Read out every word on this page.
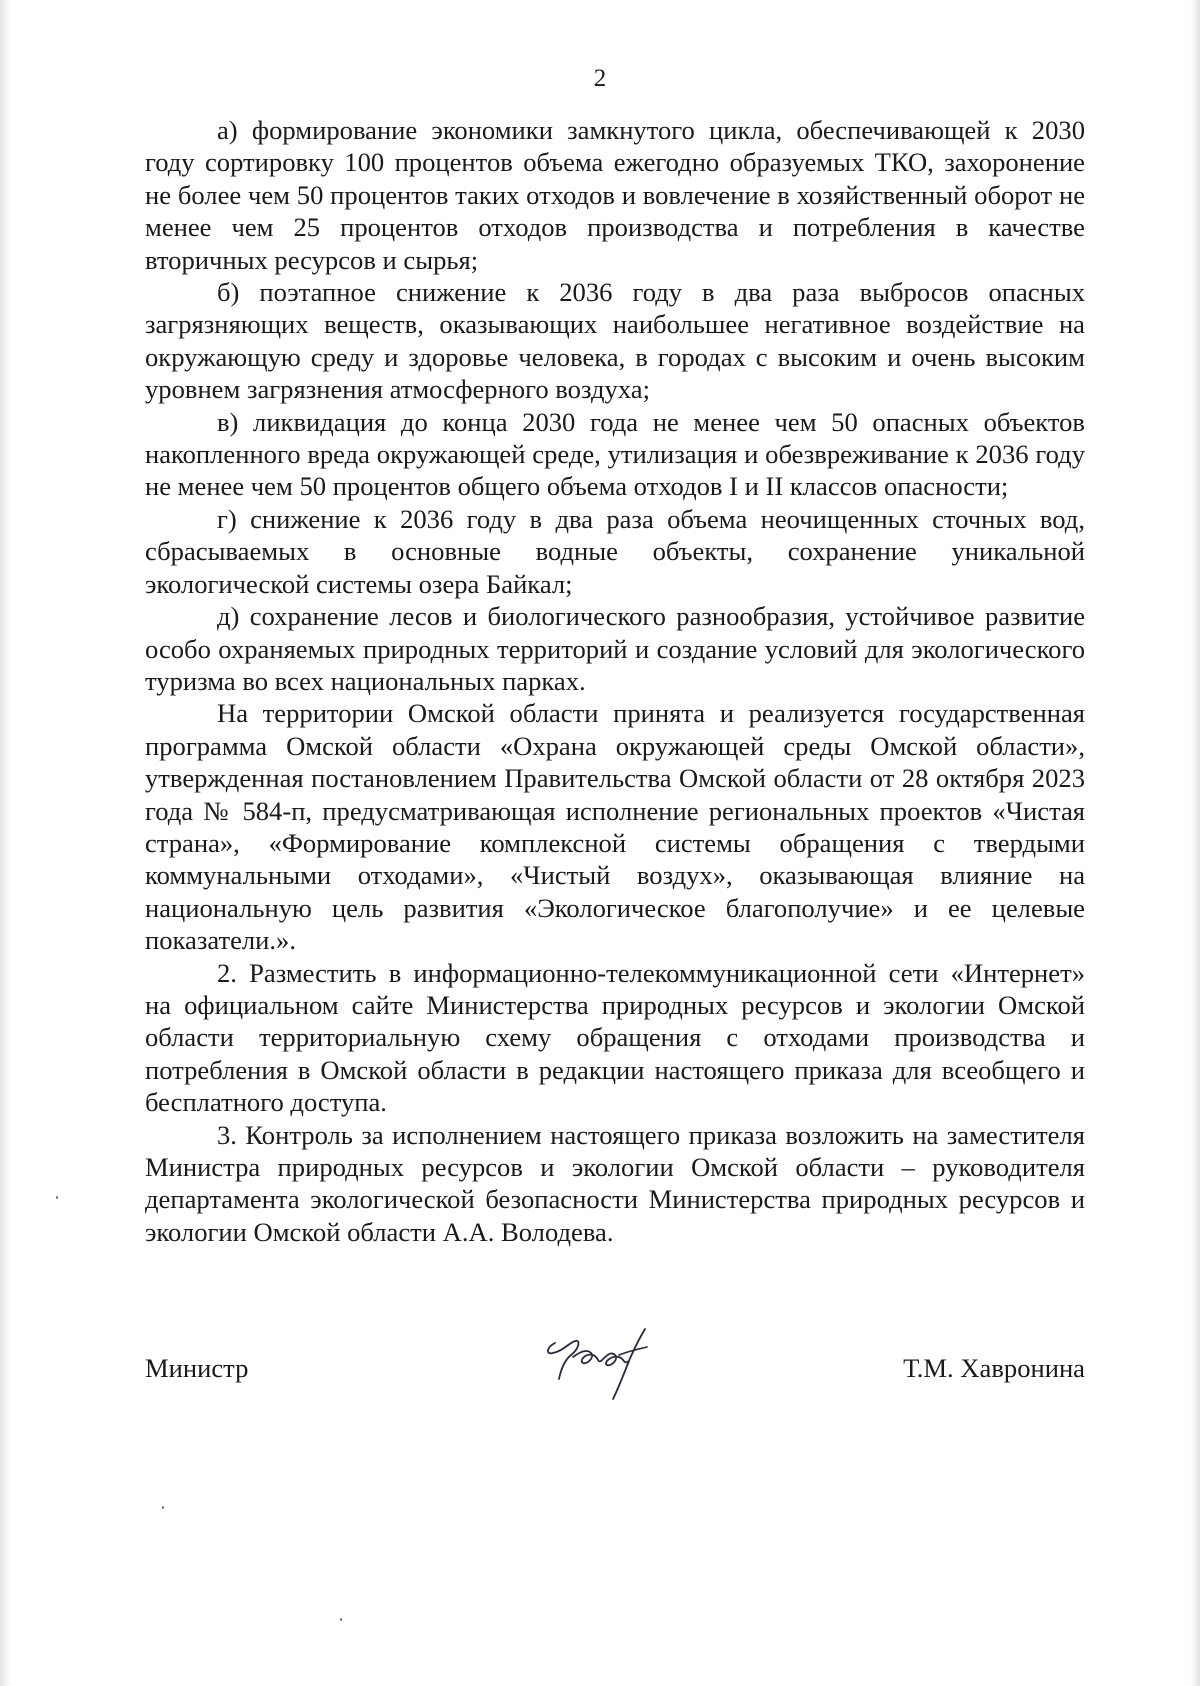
2

а) формирование экономики замкнутого цикла, обеспечивающей к 2030 году сортировку 100 процентов объема ежегодно образуемых ТКО, захоронение не более чем 50 процентов таких отходов и вовлечение в хозяйственный оборот не менее чем 25 процентов отходов производства и потребления в качестве вторичных ресурсов и сырья;

б) поэтапное снижение к 2036 году в два раза выбросов опасных загрязняющих веществ, оказывающих наибольшее негативное воздействие на окружающую среду и здоровье человека, в городах с высоким и очень высоким уровнем загрязнения атмосферного воздуха;

в) ликвидация до конца 2030 года не менее чем 50 опасных объектов накопленного вреда окружающей среде, утилизация и обезвреживание к 2036 году не менее чем 50 процентов общего объема отходов I и II классов опасности;

г) снижение к 2036 году в два раза объема неочищенных сточных вод, сбрасываемых в основные водные объекты, сохранение уникальной экологической системы озера Байкал;

д) сохранение лесов и биологического разнообразия, устойчивое развитие особо охраняемых природных территорий и создание условий для экологического туризма во всех национальных парках.

На территории Омской области принята и реализуется государственная программа Омской области «Охрана окружающей среды Омской области», утвержденная постановлением Правительства Омской области от 28 октября 2023 года № 584-п, предусматривающая исполнение региональных проектов «Чистая страна», «Формирование комплексной системы обращения с твердыми коммунальными отходами», «Чистый воздух», оказывающая влияние на национальную цель развития «Экологическое благополучие» и ее целевые показатели.».

2. Разместить в информационно-телекоммуникационной сети «Интернет» на официальном сайте Министерства природных ресурсов и экологии Омской области территориальную схему обращения с отходами производства и потребления в Омской области в редакции настоящего приказа для всеобщего и бесплатного доступа.

3. Контроль за исполнением настоящего приказа возложить на заместителя Министра природных ресурсов и экологии Омской области – руководителя департамента экологической безопасности Министерства природных ресурсов и экологии Омской области А.А. Володева.

Министр	Т.М. Хавронина
